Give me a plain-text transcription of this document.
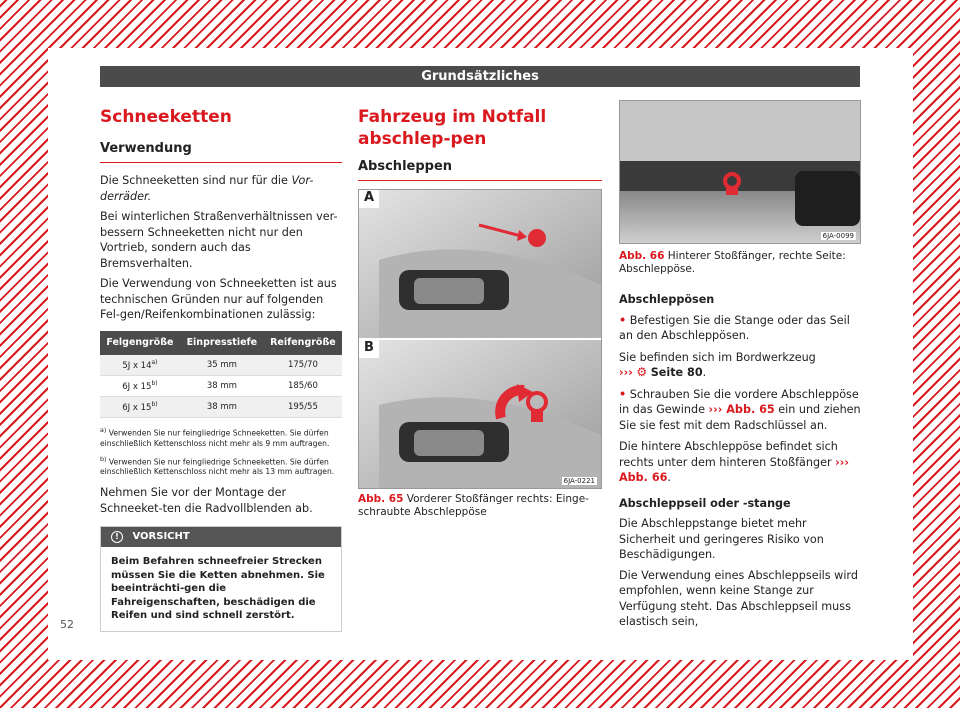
Grundsätzliches
Schneeketten
Verwendung

Die Schneeketten sind nur für die Vor-derräder.

Bei winterlichen Straßenverhältnissen ver-bessern Schneeketten nicht nur den Vortrieb, sondern auch das Bremsverhalten.

Die Verwendung von Schneeketten ist aus technischen Gründen nur auf folgenden Fel-gen/Reifenkombinationen zulässig:

Felgengröße	Einpresstiefe	Reifengröße
5J x 14$^{a)}$	35 mm	175/70
6J x 15$^{b)}$	38 mm	185/60
6J x 15$^{b)}$	38 mm	195/55
$^{a)}$ Verwenden Sie nur feingliedrige Schneeketten. Sie dürfen einschließlich Kettenschloss nicht mehr als 9 mm auftragen.
$^{b)}$ Verwenden Sie nur feingliedrige Schneeketten. Sie dürfen einschließlich Kettenschloss nicht mehr als 13 mm auftragen.

Nehmen Sie vor der Montage der Schneeket-ten die Radvollblenden ab.

! VORSICHT
Beim Befahren schneefreier Strecken müssen Sie die Ketten abnehmen. Sie beeinträchti-gen die Fahreigenschaften, beschädigen die Reifen und sind schnell zerstört.
Fahrzeug im Notfall abschlep-pen
Abschleppen
A
B
6JA-0221
Abb. 65 Vorderer Stoßfänger rechts: Einge-schraubte Abschleppöse
6JA-0099
Abb. 66 Hinterer Stoßfänger, rechte Seite: Abschleppöse.

Abschleppösen

• Befestigen Sie die Stange oder das Seil an den Abschleppösen.

Sie befinden sich im Bordwerkzeug
››› ⚙ Seite 80.

• Schrauben Sie die vordere Abschleppöse in das Gewinde ››› Abb. 65 ein und ziehen Sie sie fest mit dem Radschlüssel an.

Die hintere Abschleppöse befindet sich rechts unter dem hinteren Stoßfänger ››› Abb. 66.

Abschleppseil oder -stange

Die Abschleppstange bietet mehr Sicherheit und geringeres Risiko von Beschädigungen.

Die Verwendung eines Abschleppseils wird empfohlen, wenn keine Stange zur Verfügung steht. Das Abschleppseil muss elastisch sein,

52
